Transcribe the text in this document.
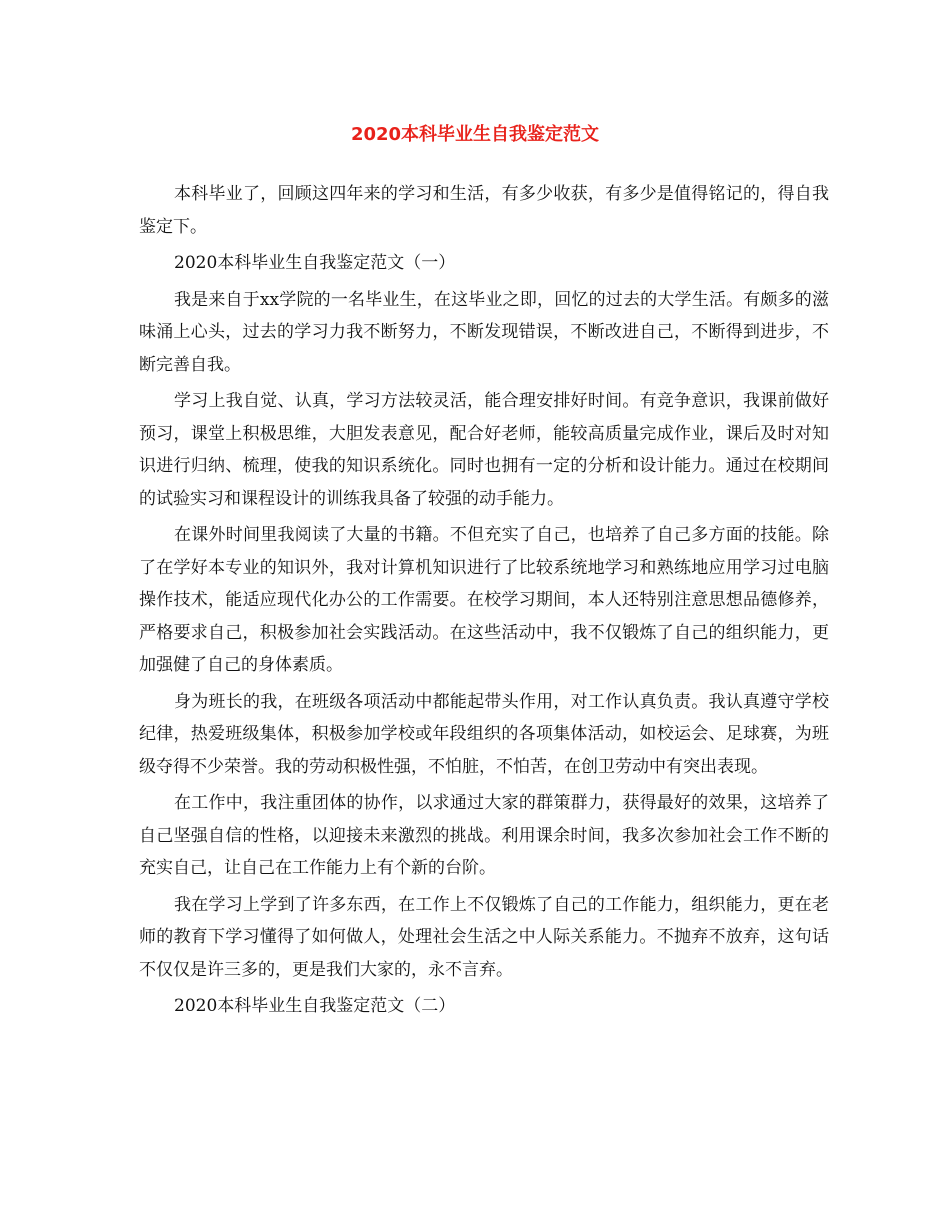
2020本科毕业生自我鉴定范文

本科毕业了，回顾这四年来的学习和生活，有多少收获，有多少是值得铭记的，得自我鉴定下。

2020本科毕业生自我鉴定范文（一）

我是来自于xx学院的一名毕业生，在这毕业之即，回忆的过去的大学生活。有颇多的滋味涌上心头，过去的学习力我不断努力，不断发现错误，不断改进自己，不断得到进步，不断完善自我。

学习上我自觉、认真，学习方法较灵活，能合理安排好时间。有竞争意识，我课前做好预习，课堂上积极思维，大胆发表意见，配合好老师，能较高质量完成作业，课后及时对知识进行归纳、梳理，使我的知识系统化。同时也拥有一定的分析和设计能力。通过在校期间的试验实习和课程设计的训练我具备了较强的动手能力。

在课外时间里我阅读了大量的书籍。不但充实了自己，也培养了自己多方面的技能。除了在学好本专业的知识外，我对计算机知识进行了比较系统地学习和熟练地应用学习过电脑操作技术，能适应现代化办公的工作需要。在校学习期间，本人还特别注意思想品德修养，严格要求自己，积极参加社会实践活动。在这些活动中，我不仅锻炼了自己的组织能力，更加强健了自己的身体素质。

身为班长的我，在班级各项活动中都能起带头作用，对工作认真负责。我认真遵守学校纪律，热爱班级集体，积极参加学校或年段组织的各项集体活动，如校运会、足球赛，为班级夺得不少荣誉。我的劳动积极性强，不怕脏，不怕苦，在创卫劳动中有突出表现。

在工作中，我注重团体的协作，以求通过大家的群策群力，获得最好的效果，这培养了自己坚强自信的性格，以迎接未来激烈的挑战。利用课余时间，我多次参加社会工作不断的充实自己，让自己在工作能力上有个新的台阶。

我在学习上学到了许多东西，在工作上不仅锻炼了自己的工作能力，组织能力，更在老师的教育下学习懂得了如何做人，处理社会生活之中人际关系能力。不抛弃不放弃，这句话不仅仅是许三多的，更是我们大家的，永不言弃。

2020本科毕业生自我鉴定范文（二）
